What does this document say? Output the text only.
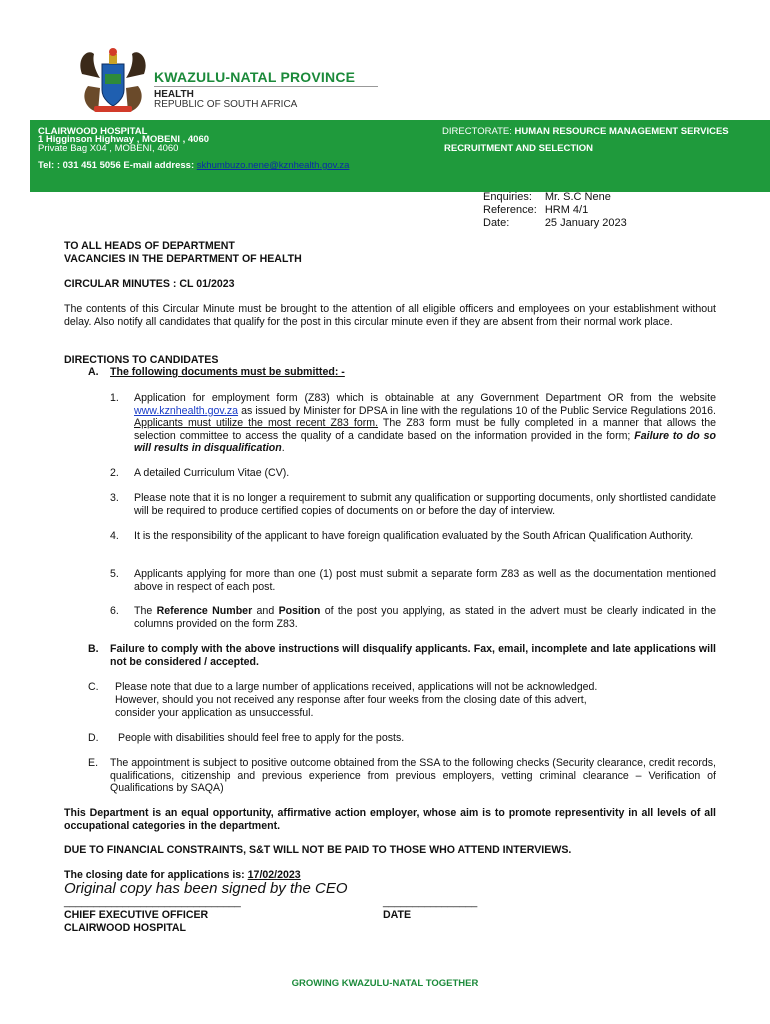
KWAZULU-NATAL PROVINCE
HEALTH
REPUBLIC OF SOUTH AFRICA
CLAIRWOOD HOSPITAL
1 Higginson Highway , MOBENI , 4060
Private Bag X04 , MOBENI, 4060
DIRECTORATE: HUMAN RESOURCE MANAGEMENT SERVICES
RECRUITMENT AND SELECTION
Tel: : 031 451 5056 E-mail address: skhumbuzo.nene@kznhealth.gov.za
Enquiries:	Mr. S.C Nene
Reference:	HRM 4/1
Date:	25 January 2023
TO ALL HEADS OF DEPARTMENT
VACANCIES IN THE DEPARTMENT OF HEALTH
CIRCULAR MINUTES : CL 01/2023
The contents of this Circular Minute must be brought to the attention of all eligible officers and employees on your establishment without delay. Also notify all candidates that qualify for the post in this circular minute even if they are absent from their normal work place.
DIRECTIONS TO CANDIDATES
A. The following documents must be submitted: -
1. Application for employment form (Z83) which is obtainable at any Government Department OR from the website www.kznhealth.gov.za as issued by Minister for DPSA in line with the regulations 10 of the Public Service Regulations 2016. Applicants must utilize the most recent Z83 form. The Z83 form must be fully completed in a manner that allows the selection committee to access the quality of a candidate based on the information provided in the form; Failure to do so will results in disqualification.
2. A detailed Curriculum Vitae (CV).
3. Please note that it is no longer a requirement to submit any qualification or supporting documents, only shortlisted candidate will be required to produce certified copies of documents on or before the day of interview.
4. It is the responsibility of the applicant to have foreign qualification evaluated by the South African Qualification Authority.
5. Applicants applying for more than one (1) post must submit a separate form Z83 as well as the documentation mentioned above in respect of each post.
6. The Reference Number and Position of the post you applying, as stated in the advert must be clearly indicated in the columns provided on the form Z83.
B. Failure to comply with the above instructions will disqualify applicants. Fax, email, incomplete and late applications will not be considered / accepted.
C. Please note that due to a large number of applications received, applications will not be acknowledged.
However, should you not received any response after four weeks from the closing date of this advert,
consider your application as unsuccessful.
D. People with disabilities should feel free to apply for the posts.
E. The appointment is subject to positive outcome obtained from the SSA to the following checks (Security clearance, credit records, qualifications, citizenship and previous experience from previous employers, vetting criminal clearance – Verification of Qualifications by SAQA)
This Department is an equal opportunity, affirmative action employer, whose aim is to promote representivity in all levels of all occupational categories in the department.
DUE TO FINANCIAL CONSTRAINTS, S&T WILL NOT BE PAID TO THOSE WHO ATTEND INTERVIEWS.
The closing date for applications is: 17/02/2023
Original copy has been signed by the CEO
______________________________	________________
CHIEF EXECUTIVE OFFICER
CLAIRWOOD HOSPITAL
DATE
GROWING KWAZULU-NATAL TOGETHER
